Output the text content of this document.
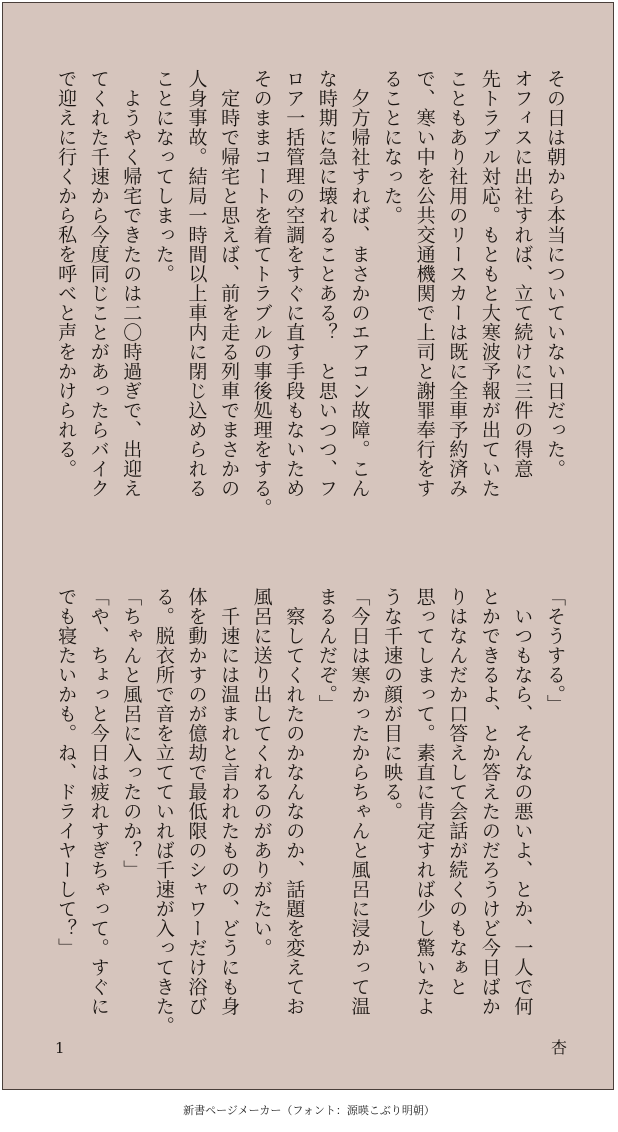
その日は朝から本当についていない日だった。

オフィスに出社すれば、立て続けに三件の得意

先トラブル対応。もともと大寒波予報が出ていた

こともあり社用のリースカーは既に全車予約済み

で、寒い中を公共交通機関で上司と謝罪奉行をす

ることになった。

　夕方帰社すれば、まさかのエアコン故障。こん

な時期に急に壊れることある？　と思いつつ、フ

ロア一括管理の空調をすぐに直す手段もないため

そのままコートを着てトラブルの事後処理をする。

　定時で帰宅と思えば、前を走る列車でまさかの

人身事故。結局一時間以上車内に閉じ込められる

ことになってしまった。

　ようやく帰宅できたのは二〇時過ぎで、出迎え

てくれた千速から今度同じことがあったらバイク

で迎えに行くから私を呼べと声をかけられる。

「そうする。」

　いつもなら、そんなの悪いよ、とか、一人で何

とかできるよ、とか答えたのだろうけど今日ばか

りはなんだか口答えして会話が続くのもなぁと

思ってしまって。素直に肯定すれば少し驚いたよ

うな千速の顔が目に映る。

「今日は寒かったからちゃんと風呂に浸かって温

まるんだぞ。」

　察してくれたのかなんなのか、話題を変えてお

風呂に送り出してくれるのがありがたい。

　千速には温まれと言われたものの、どうにも身

体を動かすのが億劫で最低限のシャワーだけ浴び

る。脱衣所で音を立てていれば千速が入ってきた。

「ちゃんと風呂に入ったのか？」

「や、ちょっと今日は疲れすぎちゃって。すぐに

でも寝たいかも。ね、ドライヤーして？」

1	杏
新書ページメーカー（フォント：源暎こぶり明朝）
